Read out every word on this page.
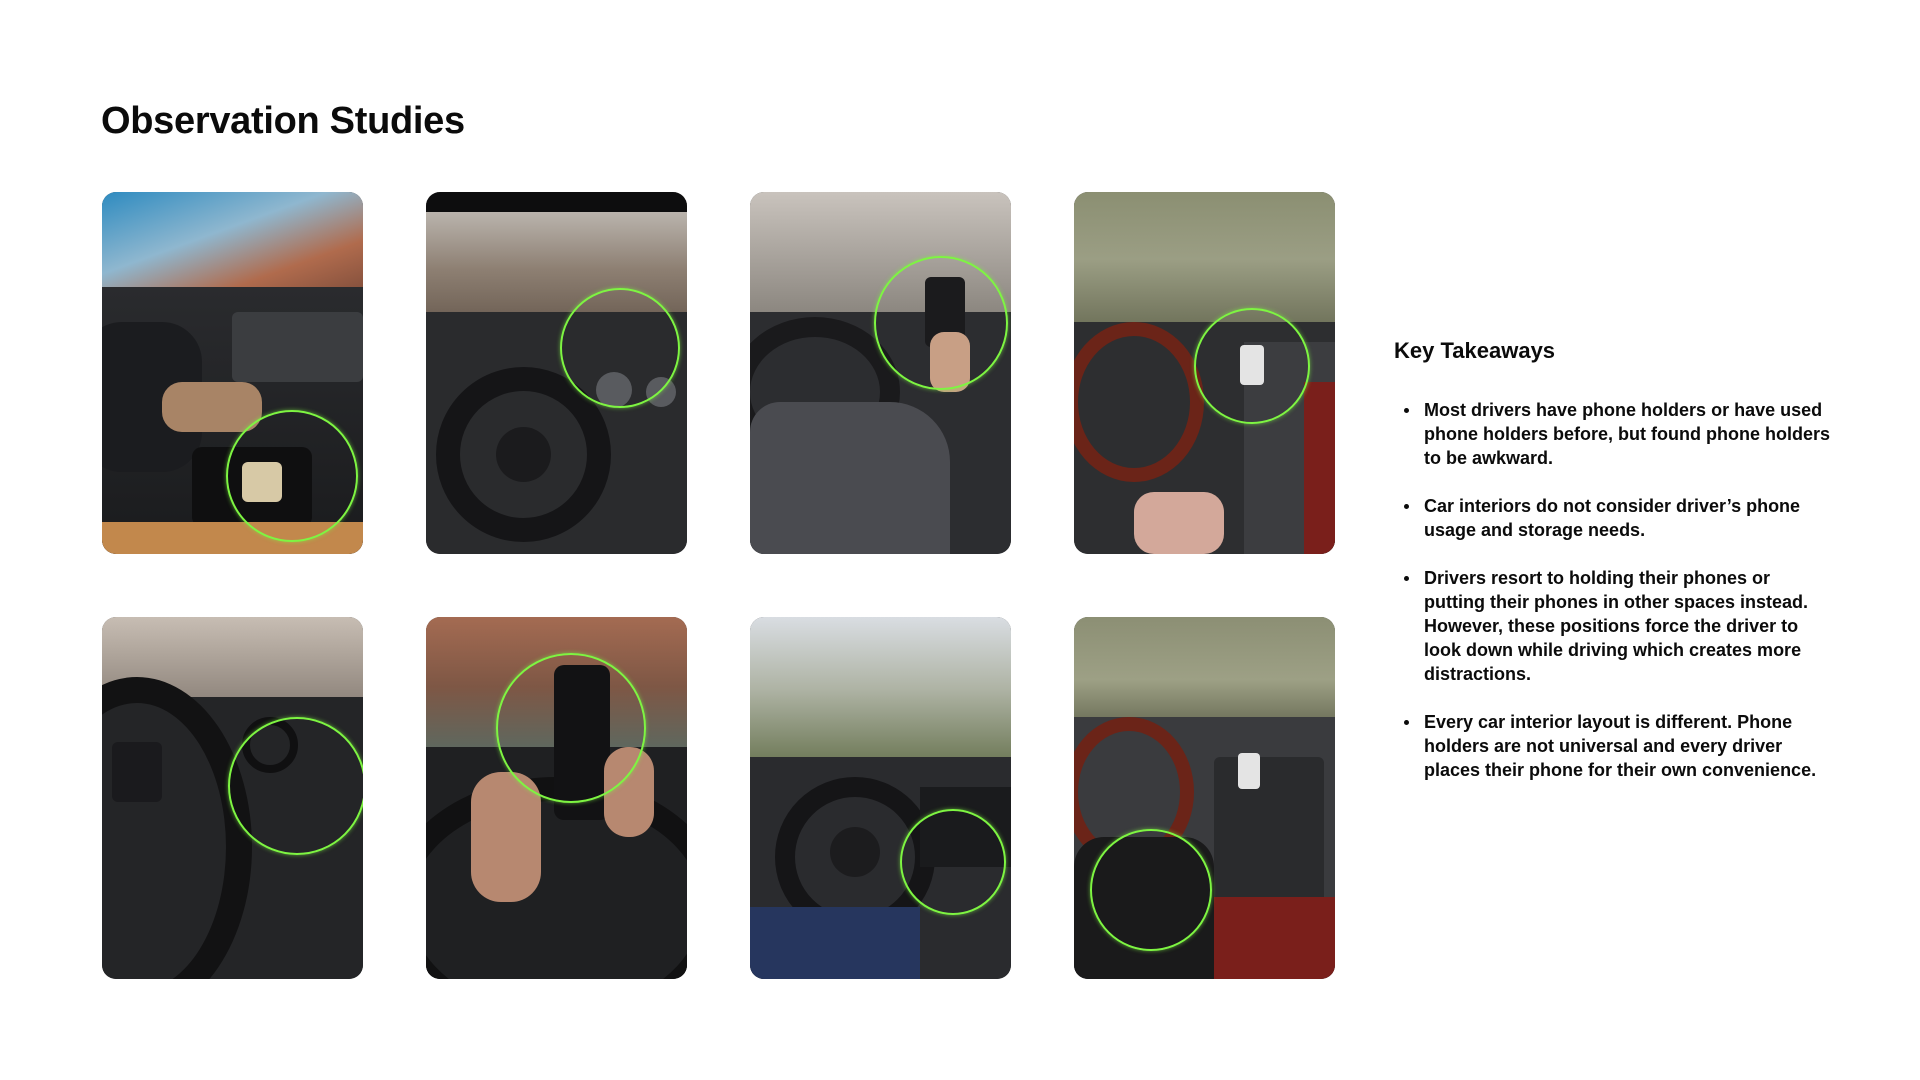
Observation Studies
Key Takeaways
Most drivers have phone holders or have used phone holders before, but found phone holders to be awkward.
Car interiors do not consider driver’s phone usage and storage needs.
Drivers resort to holding their phones or putting their phones in other spaces instead. However, these positions force the driver to look down while driving which creates more distractions.
Every car interior layout is different. Phone holders are not universal and every driver places their phone for their own convenience.
